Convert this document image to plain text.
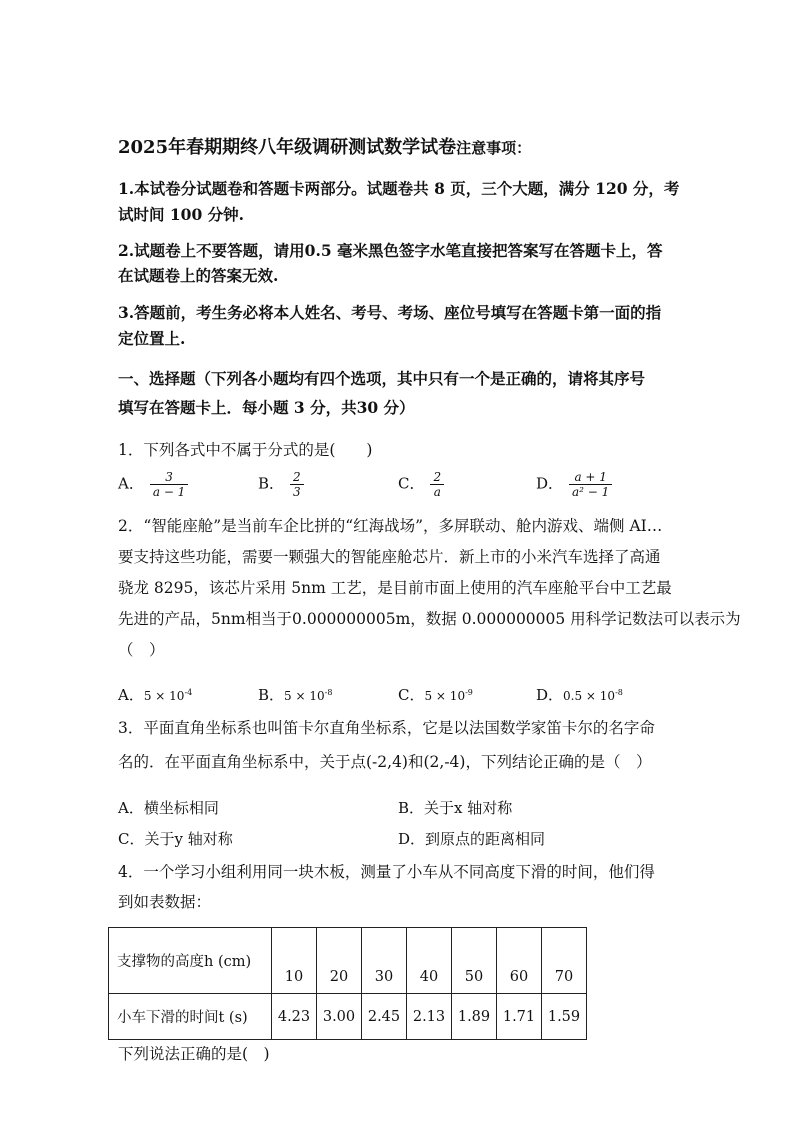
2025年春期期终八年级调研测试数学试卷注意事项：
1.本试卷分试题卷和答题卡两部分。试题卷共 8 页，三个大题，满分 120 分，考
试时间 100 分钟.
2.试题卷上不要答题，请用0.5 毫米黑色签字水笔直接把答案写在答题卡上，答
在试题卷上的答案无效.
3.答题前，考生务必将本人姓名、考号、考场、座位号填写在答题卡第一面的指
定位置上.
一、选择题（下列各小题均有四个选项，其中只有一个是正确的，请将其序号
填写在答题卡上．每小题 3 分，共30 分）
1．下列各式中不属于分式的是(　　)
A． $\frac{3}{a - 1}$	B． $\frac{2}{3}$	C． $\frac{2}{a}$	D． $\frac{a + 1}{\text{a² − 1}}$
2．“智能座舱”是当前车企比拼的“红海战场”，多屏联动、舱内游戏、端侧 AI…
要支持这些功能，需要一颗强大的智能座舱芯片．新上市的小米汽车选择了高通
骁龙 8295，该芯片采用 5nm 工艺，是目前市面上使用的汽车座舱平台中工艺最
先进的产品，5nm相当于0.000000005m，数据 0.000000005 用科学记数法可以表示为
（　）
A．$5 \times 10^{-4}$	B．$5 \times 10^{-8}$	C．$5 \times 10^{-9}$	D．$0.5 \times 10^{-8}$
3．平面直角坐标系也叫笛卡尔直角坐标系，它是以法国数学家笛卡尔的名字命
名的．在平面直角坐标系中，关于点(-2,4)和(2,-4)，下列结论正确的是（　）
A．横坐标相同	B．关于x 轴对称
C．关于y 轴对称	D．到原点的距离相同
4．一个学习小组利用同一块木板，测量了小车从不同高度下滑的时间，他们得
到如表数据：
支撑物的高度h (cm)	10	20	30	40	50	60	70
小车下滑的时间t (s)	4.23	3.00	2.45	2.13	1.89	1.71	1.59
下列说法正确的是(　)
